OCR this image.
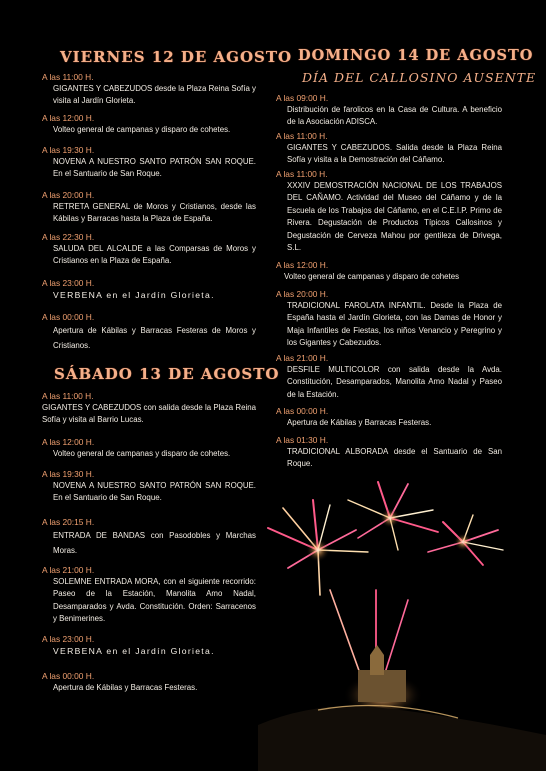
VIERNES 12 DE AGOSTO
A las 11:00 H.
GIGANTES Y CABEZUDOS desde la Plaza Reina Sofía y visita al Jardín Glorieta.
A las 12:00 H.
Volteo general de campanas y disparo de cohetes.
A las 19:30 H.
NOVENA A NUESTRO SANTO PATRÓN SAN ROQUE. En el Santuario de San Roque.
A las 20:00 H.
RETRETA GENERAL de Moros y Cristianos, desde las Kábilas y Barracas hasta la Plaza de España.
A las 22:30 H.
SALUDA DEL ALCALDE a las Comparsas de Moros y Cristianos en la Plaza de España.
A las 23:00 H.
VERBENA en el Jardín Glorieta.
A las 00:00 H.
Apertura de Kábilas y Barracas Festeras de Moros y Cristianos.
SÁBADO 13 DE AGOSTO
A las 11:00 H.
GIGANTES Y CABEZUDOS con salida desde la Plaza Reina Sofía y visita al Barrio Lucas.
A las 12:00 H.
Volteo general de campanas y disparo de cohetes.
A las 19:30 H.
NOVENA A NUESTRO SANTO PATRÓN SAN ROQUE. En el Santuario de San Roque.
A las 20:15 H.
ENTRADA DE BANDAS con Pasodobles y Marchas Moras.
A las 21:00 H.
SOLEMNE ENTRADA MORA, con el siguiente recorrido: Paseo de la Estación, Manolita Amo Nadal, Desamparados y Avda. Constitución. Orden: Sarracenos y Benimerines.
A las 23:00 H.
VERBENA en el Jardín Glorieta.
A las 00:00 H.
Apertura de Kábilas y Barracas Festeras.
DOMINGO 14 DE AGOSTO
DÍA DEL CALLOSINO AUSENTE
A las 09:00 H.
Distribución de farolicos en la Casa de Cultura. A beneficio de la Asociación ADISCA.
A las 11:00 H.
GIGANTES Y CABEZUDOS. Salida desde la Plaza Reina Sofía y visita a la Demostración del Cáñamo.
A las 11:00 H.
XXXIV DEMOSTRACIÓN NACIONAL DE LOS TRABAJOS DEL CAÑAMO. Actividad del Museo del Cáñamo y de la Escuela de los Trabajos del Cáñamo, en el C.E.I.P. Primo de Rivera. Degustación de Productos Típicos Callosinos y Degustación de Cerveza Mahou por gentileza de Drivega, S.L.
A las 12:00 H.
Volteo general de campanas y disparo de cohetes
A las 20:00 H.
TRADICIONAL FAROLATA INFANTIL. Desde la Plaza de España hasta el Jardín Glorieta, con las Damas de Honor y Maja Infantiles de Fiestas, los niños Venancio y Peregrino y los Gigantes y Cabezudos.
A las 21:00 H.
DESFILE MULTICOLOR con salida desde la Avda. Constitución, Desamparados, Manolita Amo Nadal y Paseo de la Estación.
A las 00:00 H.
Apertura de Kábilas y Barracas Festeras.
A las 01:30 H.
TRADICIONAL ALBORADA desde el Santuario de San Roque.
